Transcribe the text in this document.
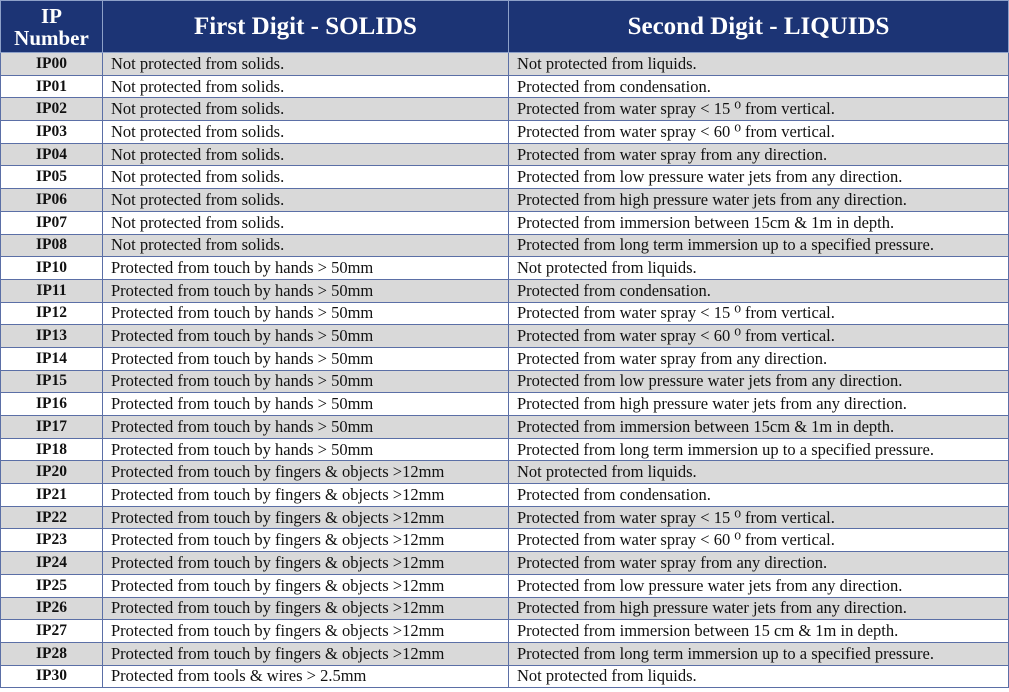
IP
Number	First Digit - SOLIDS	Second Digit - LIQUIDS
IP00	Not protected from solids.	Not protected from liquids.
IP01	Not protected from solids.	Protected from condensation.
IP02	Not protected from solids.	Protected from water spray < 15 ⁰ from vertical.
IP03	Not protected from solids.	Protected from water spray < 60 ⁰ from vertical.
IP04	Not protected from solids.	Protected from water spray from any direction.
IP05	Not protected from solids.	Protected from low pressure water jets from any direction.
IP06	Not protected from solids.	Protected from high pressure water jets from any direction.
IP07	Not protected from solids.	Protected from immersion between 15cm & 1m in depth.
IP08	Not protected from solids.	Protected from long term immersion up to a specified pressure.
IP10	Protected from touch by hands > 50mm	Not protected from liquids.
IP11	Protected from touch by hands > 50mm	Protected from condensation.
IP12	Protected from touch by hands > 50mm	Protected from water spray < 15 ⁰ from vertical.
IP13	Protected from touch by hands > 50mm	Protected from water spray < 60 ⁰ from vertical.
IP14	Protected from touch by hands > 50mm	Protected from water spray from any direction.
IP15	Protected from touch by hands > 50mm	Protected from low pressure water jets from any direction.
IP16	Protected from touch by hands > 50mm	Protected from high pressure water jets from any direction.
IP17	Protected from touch by hands > 50mm	Protected from immersion between 15cm & 1m in depth.
IP18	Protected from touch by hands > 50mm	Protected from long term immersion up to a specified pressure.
IP20	Protected from touch by fingers & objects >12mm	Not protected from liquids.
IP21	Protected from touch by fingers & objects >12mm	Protected from condensation.
IP22	Protected from touch by fingers & objects >12mm	Protected from water spray < 15 ⁰ from vertical.
IP23	Protected from touch by fingers & objects >12mm	Protected from water spray < 60 ⁰ from vertical.
IP24	Protected from touch by fingers & objects >12mm	Protected from water spray from any direction.
IP25	Protected from touch by fingers & objects >12mm	Protected from low pressure water jets from any direction.
IP26	Protected from touch by fingers & objects >12mm	Protected from high pressure water jets from any direction.
IP27	Protected from touch by fingers & objects >12mm	Protected from immersion between 15 cm & 1m in depth.
IP28	Protected from touch by fingers & objects >12mm	Protected from long term immersion up to a specified pressure.
IP30	Protected from tools & wires > 2.5mm	Not protected from liquids.
